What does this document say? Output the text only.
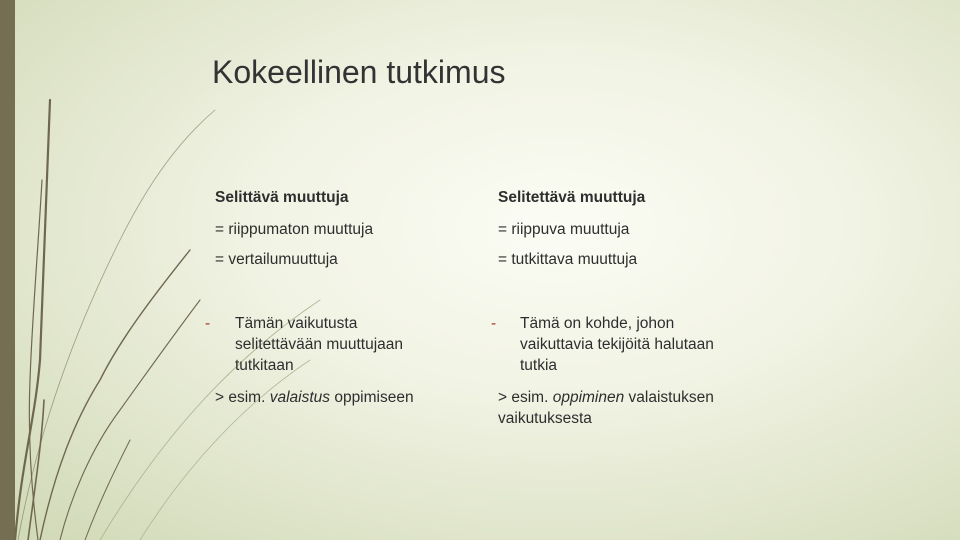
Kokeellinen tutkimus
Selittävä muuttuja
= riippumaton muuttuja
= vertailumuuttuja
- Tämän vaikutusta
selitettävään muuttujaan
tutkitaan
> esim. valaistus oppimiseen
Selitettävä muuttuja
= riippuva muuttuja
= tutkittava muuttuja
- Tämä on kohde, johon
vaikuttavia tekijöitä halutaan
tutkia
> esim. oppiminen valaistuksen
vaikutuksesta
